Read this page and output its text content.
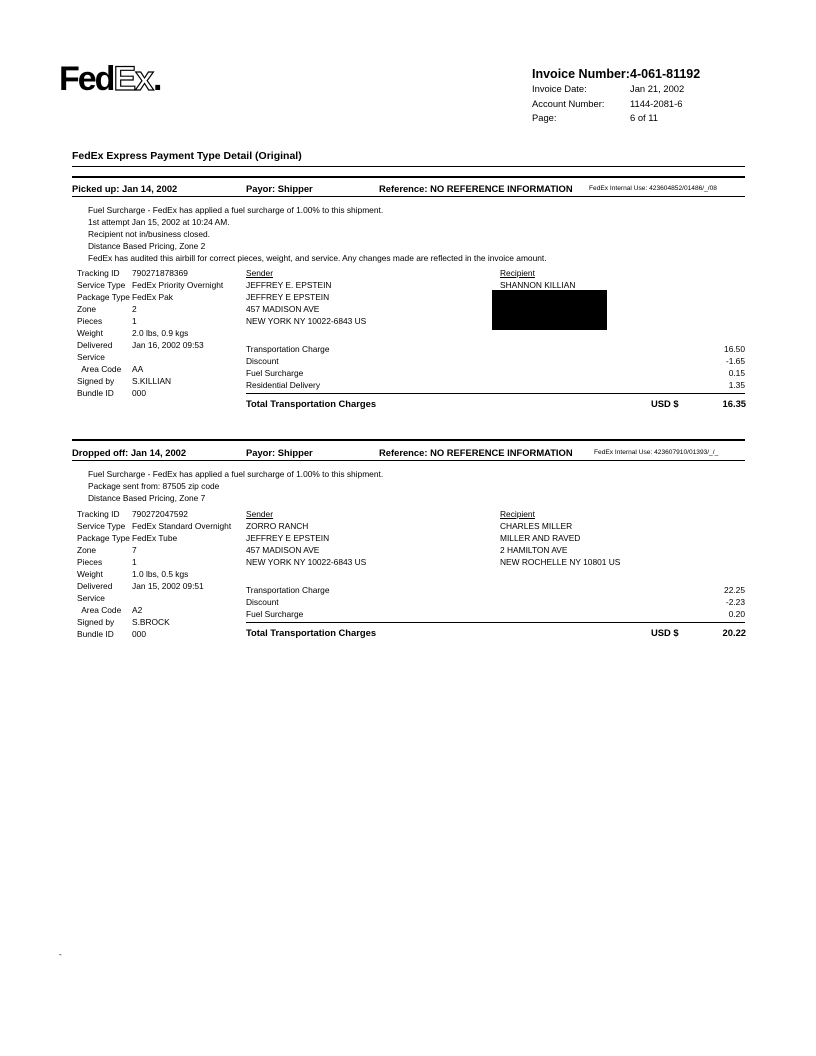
FedEx.	Invoice Number: 4-061-81192
Invoice Date:	Jan 21, 2002
Account Number:	1144-2081-6
Page:	6 of 11
FedEx Express Payment Type Detail (Original)
Picked up: Jan 14, 2002	Payor: Shipper	Reference: NO REFERENCE INFORMATION FedEx Internal Use: 423604852/01486/_/08
Fuel Surcharge - FedEx has applied a fuel surcharge of 1.00% to this shipment.
1st attempt Jan 15, 2002 at 10:24 AM.
Recipient not in/business closed.
Distance Based Pricing, Zone 2
FedEx has audited this airbill for correct pieces, weight, and service. Any changes made are reflected in the invoice amount.
Tracking ID	790271878369
Service Type FedEx Priority Overnight
Package Type FedEx Pak
Zone	2
Pieces	1
Weight	2.0 lbs, 0.9 kgs
Delivered	Jan 16, 2002 09:53
Service
Area Code	AA
Signed by	S.KILLIAN
Bundle ID	000
Sender
JEFFREY E. EPSTEIN
JEFFREY E EPSTEIN
457 MADISON AVE
NEW YORK NY 10022-6843 US
Recipient
SHANNON KILLIAN
Transportation Charge	16.50
Discount	-1.65
Fuel Surcharge	0.15
Residential Delivery	1.35
Total Transportation Charges	USD $	16.35
Dropped off: Jan 14, 2002	Payor: Shipper	Reference: NO REFERENCE INFORMATION	FedEx Internal Use: 423607910/01393/_/_
Fuel Surcharge - FedEx has applied a fuel surcharge of 1.00% to this shipment.
Package sent from: 87505 zip code
Distance Based Pricing, Zone 7
Tracking ID	790272047592
Service Type FedEx Standard Overnight
Package Type FedEx Tube
Zone	7
Pieces	1
Weight	1.0 lbs, 0.5 kgs
Delivered	Jan 15, 2002 09:51
Service
Area Code	A2
Signed by	S.BROCK
Bundle ID	000
Sender
ZORRO RANCH
JEFFREY E EPSTEIN
457 MADISON AVE
NEW YORK NY 10022-6843 US
Recipient
CHARLES MILLER
MILLER AND RAVED
2 HAMILTON AVE
NEW ROCHELLE NY 10801 US
Transportation Charge	22.25
Discount	-2.23
Fuel Surcharge	0.20
Total Transportation Charges	USD $	20.22
-
